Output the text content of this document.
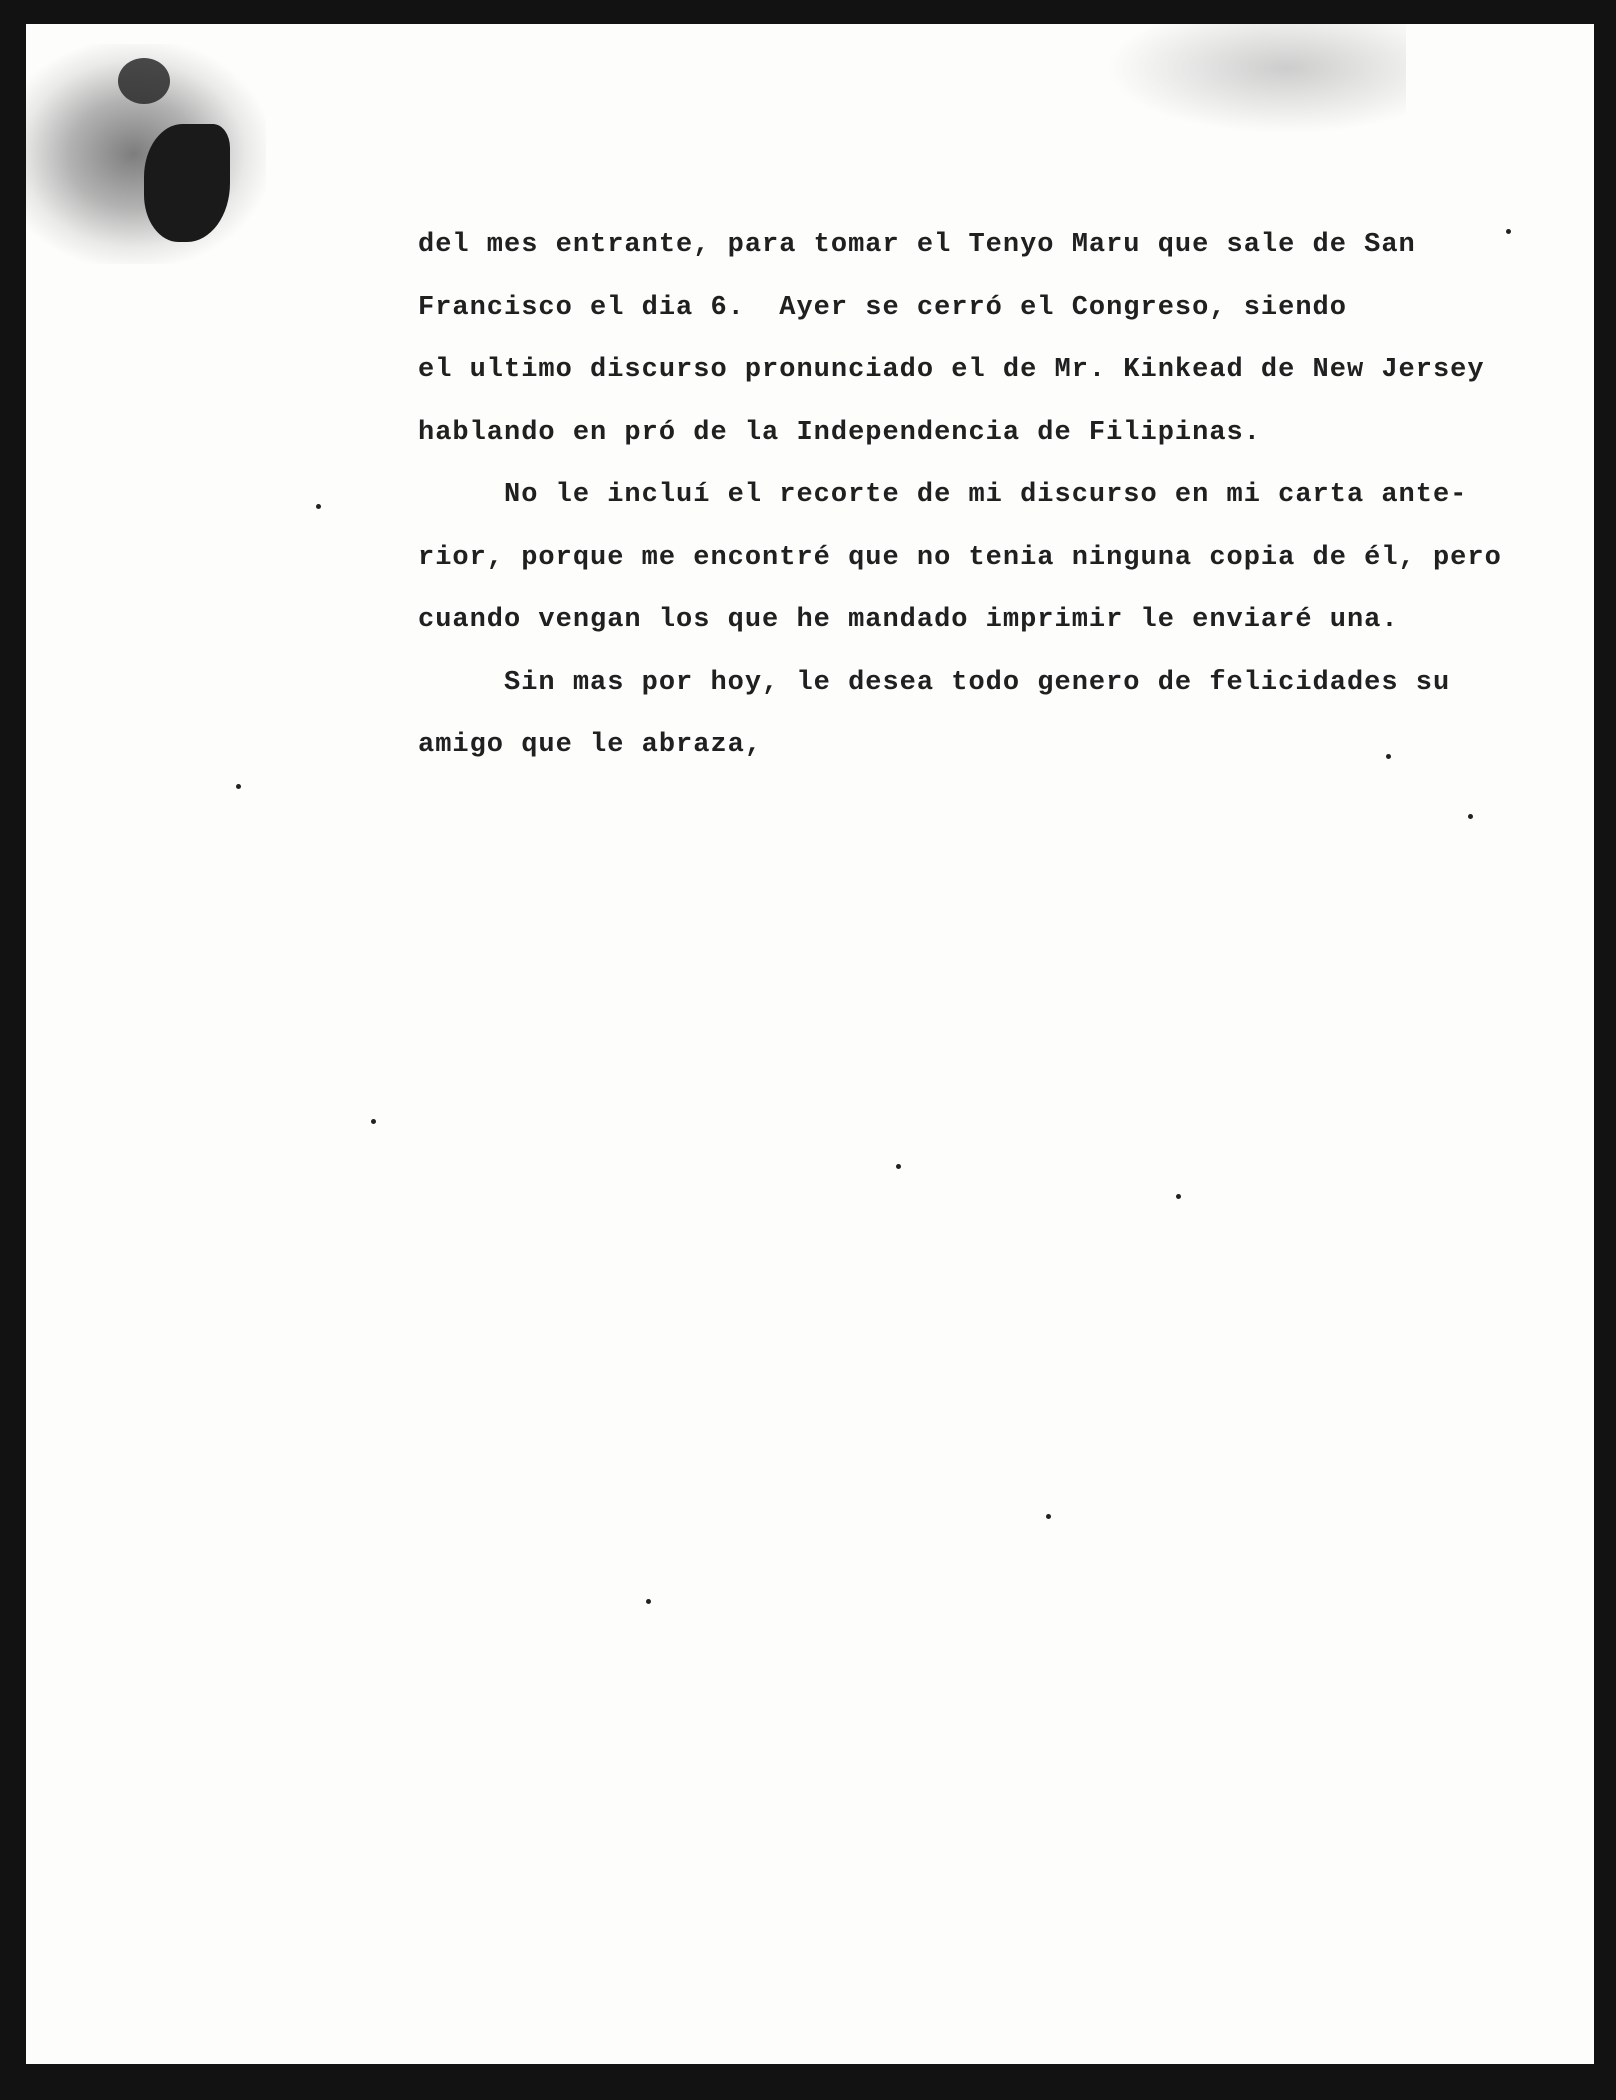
del mes entrante, para tomar el Tenyo Maru que sale de San
Francisco el dia 6.  Ayer se cerró el Congreso, siendo
el ultimo discurso pronunciado el de Mr. Kinkead de New Jersey
hablando en pró de la Independencia de Filipinas.
No le incluí el recorte de mi discurso en mi carta ante-
rior, porque me encontré que no tenia ninguna copia de él, pero
cuando vengan los que he mandado imprimir le enviaré una.
Sin mas por hoy, le desea todo genero de felicidades su
amigo que le abraza,
